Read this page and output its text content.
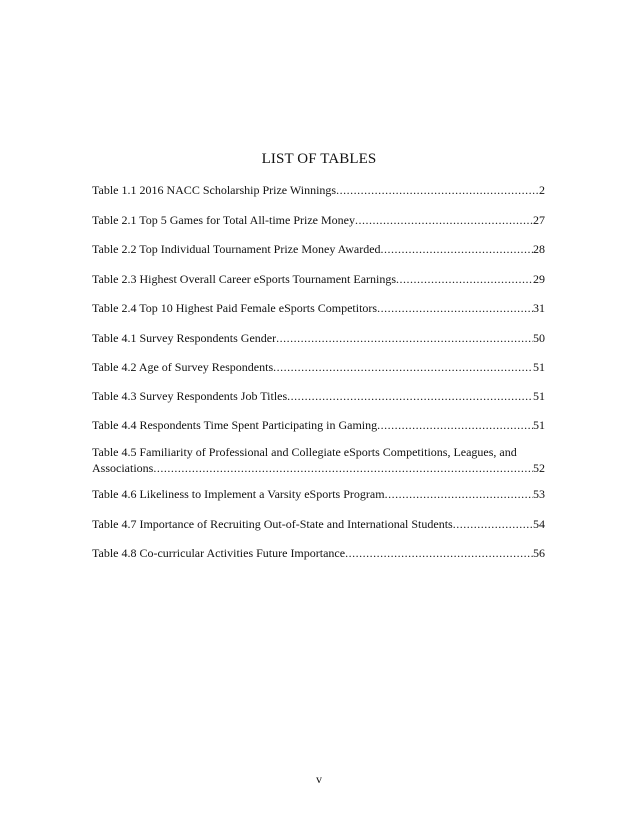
LIST OF TABLES
Table 1.1 2016 NACC Scholarship Prize Winnings .....	2
Table 2.1 Top 5 Games for Total All-time Prize Money .....	27
Table 2.2 Top Individual Tournament Prize Money Awarded .....	28
Table 2.3 Highest Overall Career eSports Tournament Earnings .....	29
Table 2.4 Top 10 Highest Paid Female eSports Competitors .....	31
Table 4.1 Survey Respondents Gender .....	50
Table 4.2 Age of Survey Respondents .....	51
Table 4.3 Survey Respondents Job Titles .....	51
Table 4.4 Respondents Time Spent Participating in Gaming .....	51
Table 4.5 Familiarity of Professional and Collegiate eSports Competitions, Leagues, and
Associations .....	52
Table 4.6 Likeliness to Implement a Varsity eSports Program .....	53
Table 4.7 Importance of Recruiting Out-of-State and International Students .....	54
Table 4.8 Co-curricular Activities Future Importance .....	56
v
